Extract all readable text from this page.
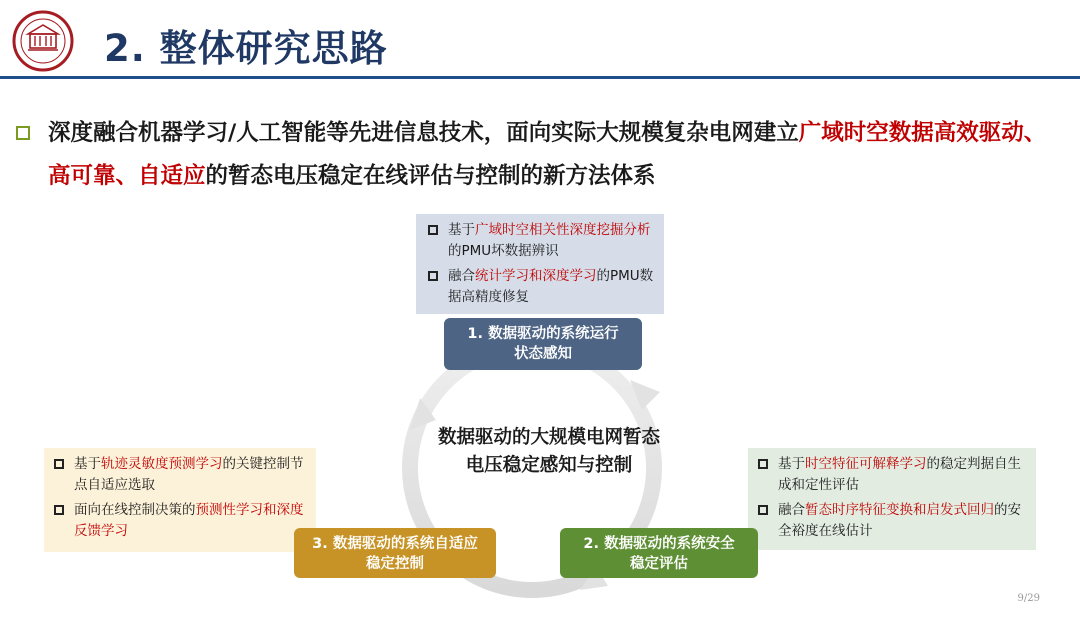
2. 整体研究思路
深度融合机器学习/人工智能等先进信息技术，面向实际大规模复杂电网建立广域时空数据高效驱动、高可靠、自适应的暂态电压稳定在线评估与控制的新方法体系
基于广域时空相关性深度挖掘分析的PMU坏数据辨识
融合统计学习和深度学习的PMU数据高精度修复
1. 数据驱动的系统运行
状态感知
基于轨迹灵敏度预测学习的关键控制节点自适应选取
面向在线控制决策的预测性学习和深度反馈学习
基于时空特征可解释学习的稳定判据自生成和定性评估
融合暂态时序特征变换和启发式回归的安全裕度在线估计
数据驱动的大规模电网暂态
电压稳定感知与控制
3. 数据驱动的系统自适应
稳定控制
2. 数据驱动的系统安全
稳定评估
9/29
